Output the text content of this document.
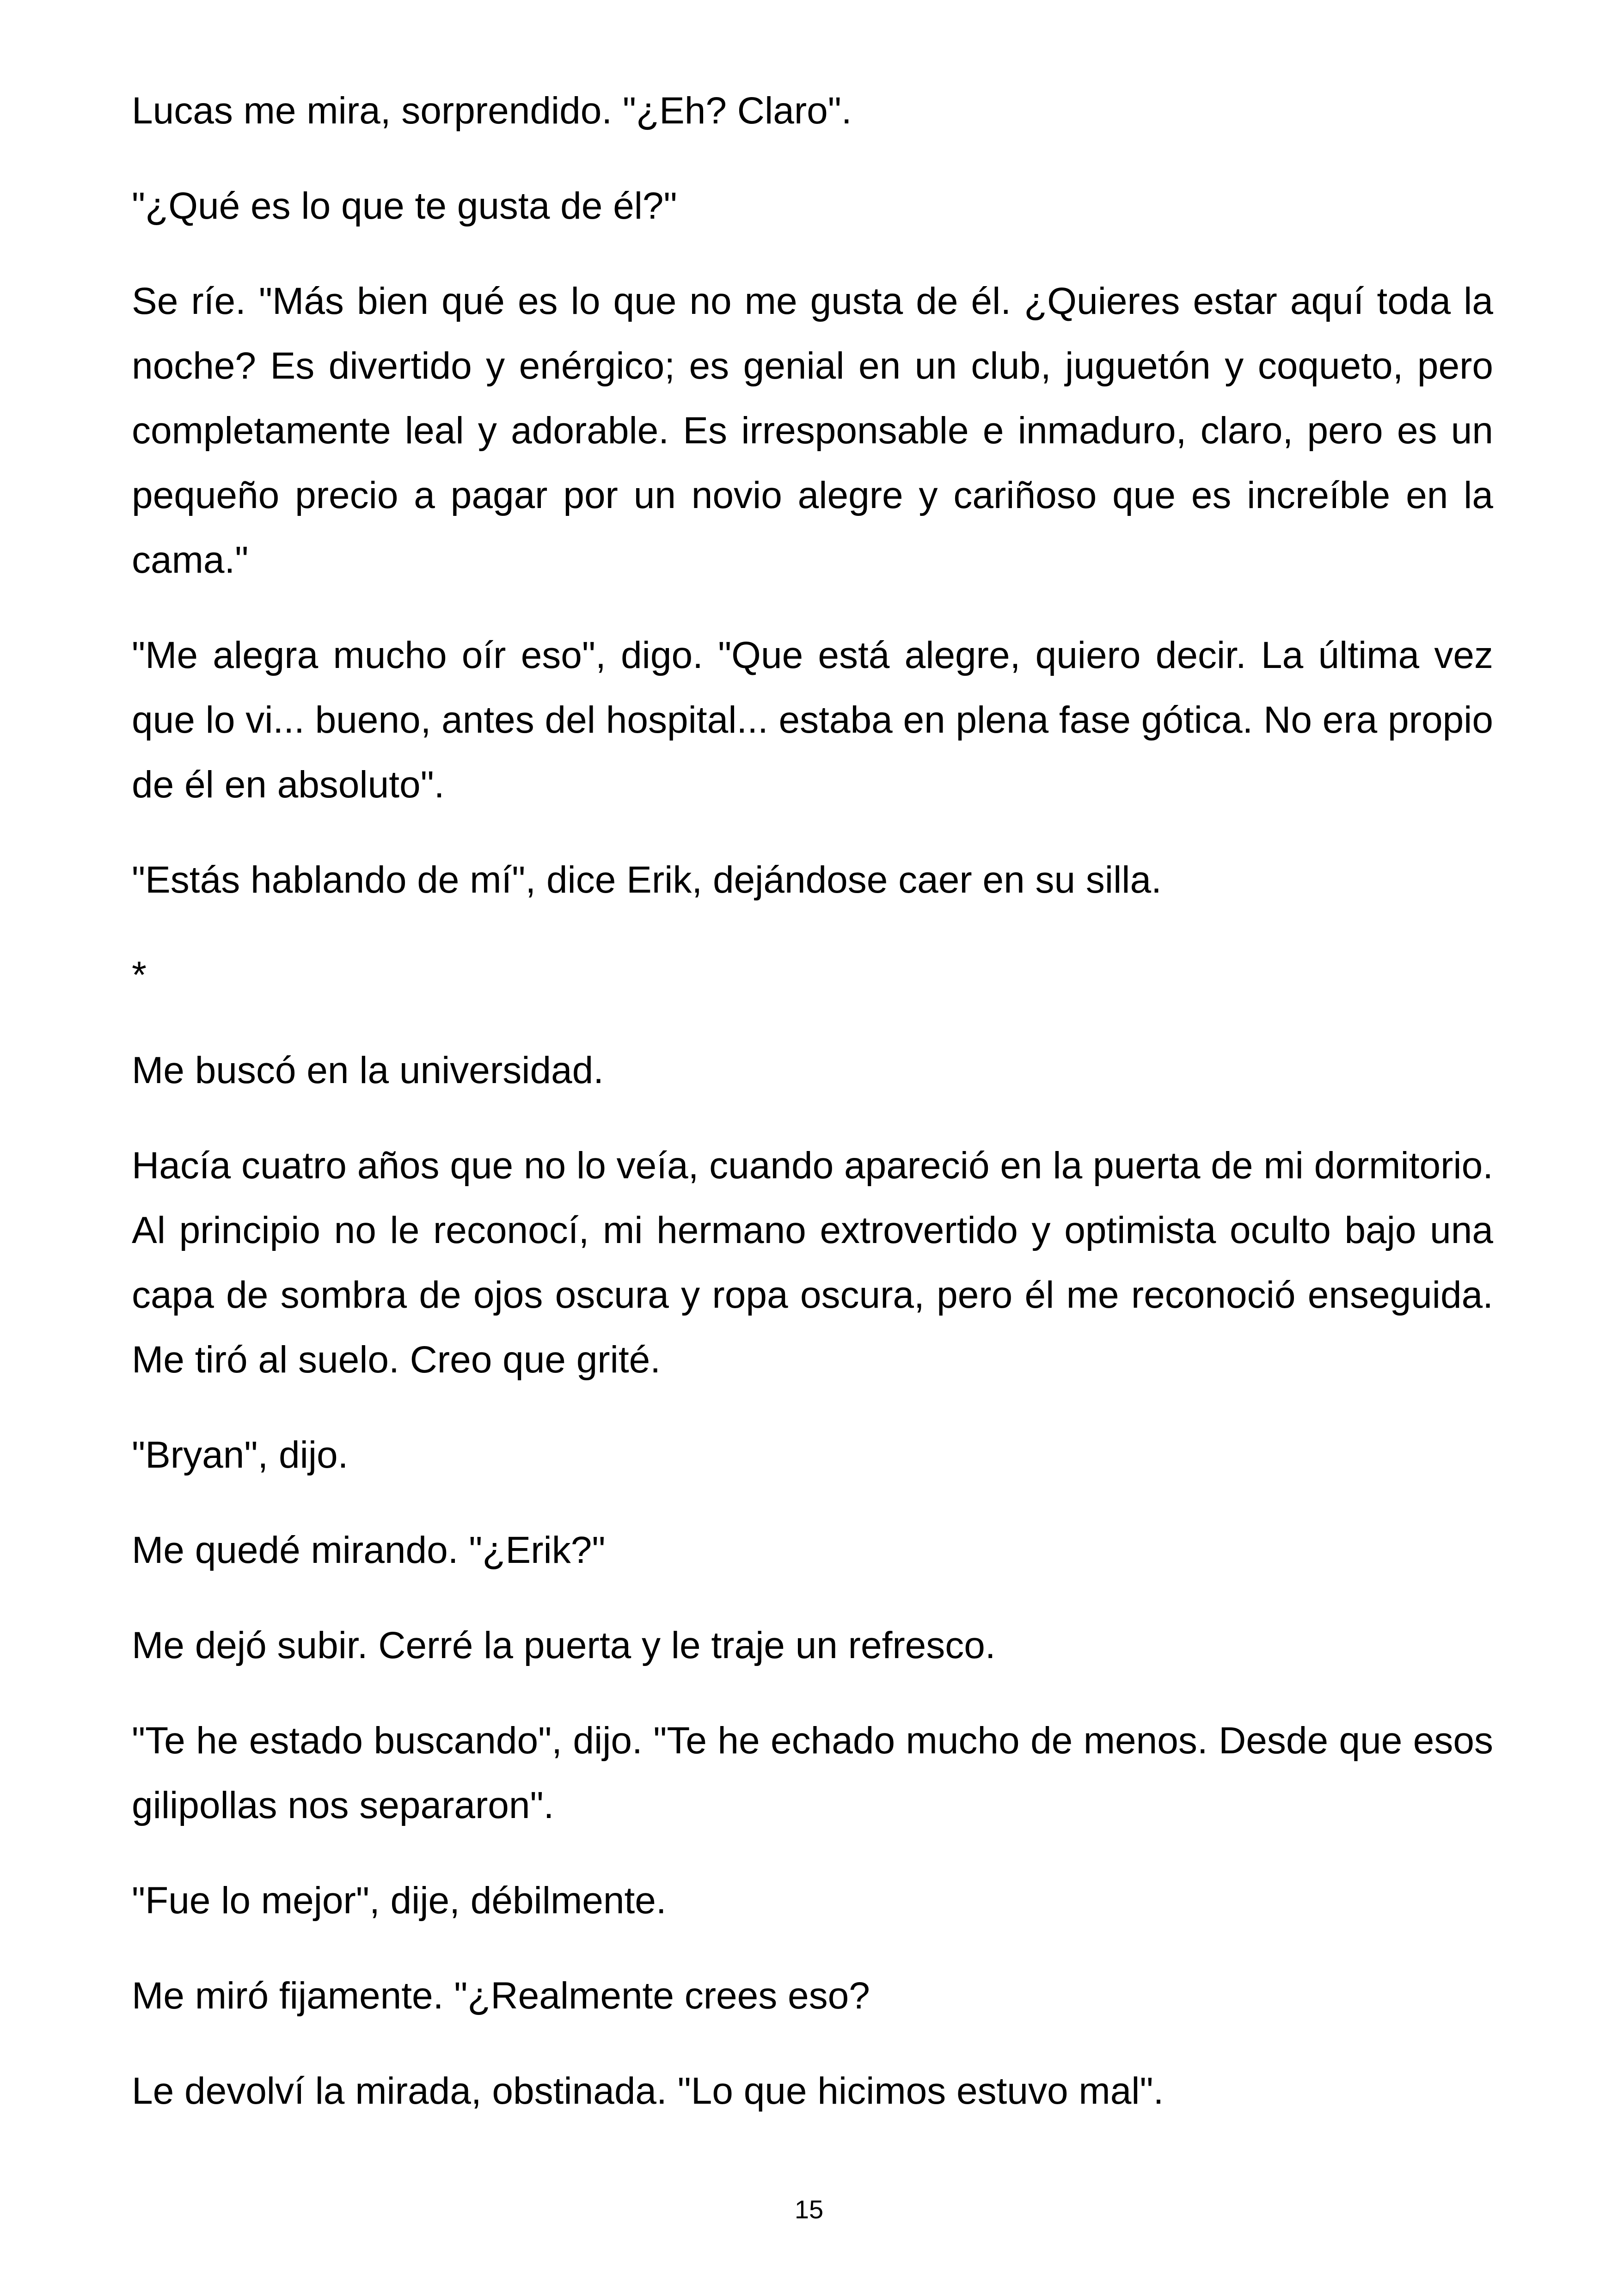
Lucas me mira, sorprendido. "¿Eh? Claro".

"¿Qué es lo que te gusta de él?"

Se ríe. "Más bien qué es lo que no me gusta de él. ¿Quieres estar aquí toda la noche? Es divertido y enérgico; es genial en un club, juguetón y coqueto, pero completamente leal y adorable. Es irresponsable e inmaduro, claro, pero es un pequeño precio a pagar por un novio alegre y cariñoso que es increíble en la cama."

"Me alegra mucho oír eso", digo. "Que está alegre, quiero decir. La última vez que lo vi... bueno, antes del hospital... estaba en plena fase gótica. No era propio de él en absoluto".

"Estás hablando de mí", dice Erik, dejándose caer en su silla.

*

Me buscó en la universidad.

Hacía cuatro años que no lo veía, cuando apareció en la puerta de mi dormitorio. Al principio no le reconocí, mi hermano extrovertido y optimista oculto bajo una capa de sombra de ojos oscura y ropa oscura, pero él me reconoció enseguida. Me tiró al suelo. Creo que grité.

"Bryan", dijo.

Me quedé mirando. "¿Erik?"

Me dejó subir. Cerré la puerta y le traje un refresco.

"Te he estado buscando", dijo. "Te he echado mucho de menos. Desde que esos gilipollas nos separaron".

"Fue lo mejor", dije, débilmente.

Me miró fijamente. "¿Realmente crees eso?

Le devolví la mirada, obstinada. "Lo que hicimos estuvo mal".

15
